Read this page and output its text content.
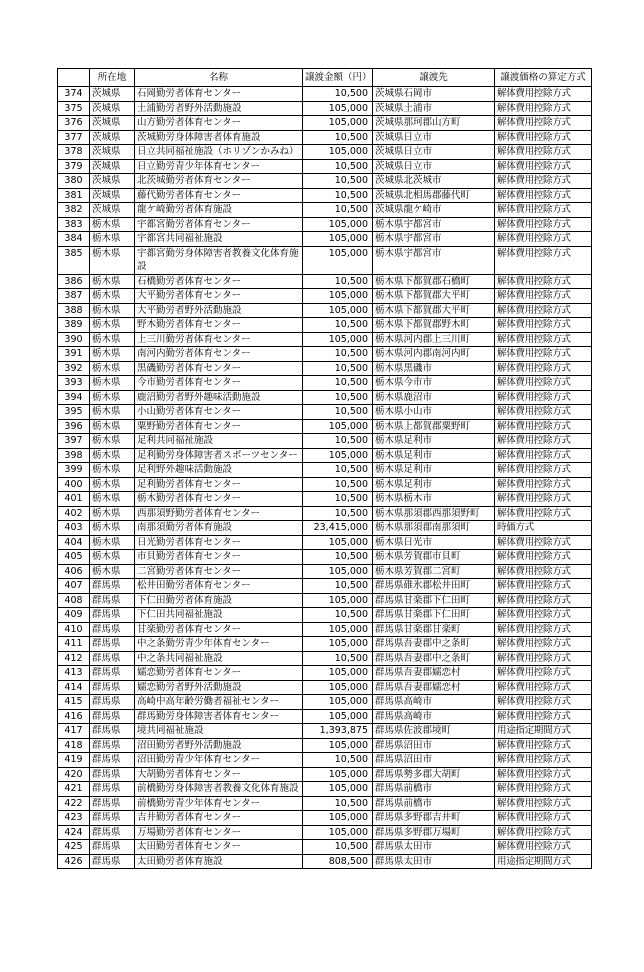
	所在地	名称	譲渡金額（円）	譲渡先	譲渡価格の算定方式
374	茨城県	石岡勤労者体育センター	10,500	茨城県石岡市	解体費用控除方式
375	茨城県	土浦勤労者野外活動施設	105,000	茨城県土浦市	解体費用控除方式
376	茨城県	山方勤労者体育センター	105,000	茨城県那珂郡山方町	解体費用控除方式
377	茨城県	茨城勤労身体障害者体育施設	10,500	茨城県日立市	解体費用控除方式
378	茨城県	日立共同福祉施設（ホリゾンかみね）	105,000	茨城県日立市	解体費用控除方式
379	茨城県	日立勤労青少年体育センター	10,500	茨城県日立市	解体費用控除方式
380	茨城県	北茨城勤労者体育センター	10,500	茨城県北茨城市	解体費用控除方式
381	茨城県	藤代勤労者体育センター	10,500	茨城県北相馬郡藤代町	解体費用控除方式
382	茨城県	龍ケ崎勤労者体育施設	10,500	茨城県龍ケ崎市	解体費用控除方式
383	栃木県	宇都宮勤労者体育センター	105,000	栃木県宇都宮市	解体費用控除方式
384	栃木県	宇都宮共同福祉施設	105,000	栃木県宇都宮市	解体費用控除方式
385	栃木県	宇都宮勤労身体障害者教養文化体育施設	105,000	栃木県宇都宮市	解体費用控除方式
386	栃木県	石橋勤労者体育センター	10,500	栃木県下都賀郡石橋町	解体費用控除方式
387	栃木県	大平勤労者体育センター	105,000	栃木県下都賀郡大平町	解体費用控除方式
388	栃木県	大平勤労者野外活動施設	105,000	栃木県下都賀郡大平町	解体費用控除方式
389	栃木県	野木勤労者体育センター	10,500	栃木県下都賀郡野木町	解体費用控除方式
390	栃木県	上三川勤労者体育センター	105,000	栃木県河内郡上三川町	解体費用控除方式
391	栃木県	南河内勤労者体育センター	10,500	栃木県河内郡南河内町	解体費用控除方式
392	栃木県	黒磯勤労者体育センター	10,500	栃木県黒磯市	解体費用控除方式
393	栃木県	今市勤労者体育センター	10,500	栃木県今市市	解体費用控除方式
394	栃木県	鹿沼勤労者野外趣味活動施設	10,500	栃木県鹿沼市	解体費用控除方式
395	栃木県	小山勤労者体育センター	10,500	栃木県小山市	解体費用控除方式
396	栃木県	粟野勤労者体育センター	105,000	栃木県上都賀郡粟野町	解体費用控除方式
397	栃木県	足利共同福祉施設	10,500	栃木県足利市	解体費用控除方式
398	栃木県	足利勤労身体障害者スポーツセンター	105,000	栃木県足利市	解体費用控除方式
399	栃木県	足利野外趣味活動施設	10,500	栃木県足利市	解体費用控除方式
400	栃木県	足利勤労者体育センター	10,500	栃木県足利市	解体費用控除方式
401	栃木県	栃木勤労者体育センター	10,500	栃木県栃木市	解体費用控除方式
402	栃木県	西那須野勤労者体育センター	10,500	栃木県那須郡西那須野町	解体費用控除方式
403	栃木県	南那須勤労者体育施設	23,415,000	栃木県那須郡南那須町	時価方式
404	栃木県	日光勤労者体育センター	105,000	栃木県日光市	解体費用控除方式
405	栃木県	市貝勤労者体育センター	10,500	栃木県芳賀郡市貝町	解体費用控除方式
406	栃木県	二宮勤労者体育センター	105,000	栃木県芳賀郡二宮町	解体費用控除方式
407	群馬県	松井田勤労者体育センター	10,500	群馬県碓氷郡松井田町	解体費用控除方式
408	群馬県	下仁田勤労者体育施設	105,000	群馬県甘楽郡下仁田町	解体費用控除方式
409	群馬県	下仁田共同福祉施設	10,500	群馬県甘楽郡下仁田町	解体費用控除方式
410	群馬県	甘楽勤労者体育センター	105,000	群馬県甘楽郡甘楽町	解体費用控除方式
411	群馬県	中之条勤労青少年体育センター	105,000	群馬県吾妻郡中之条町	解体費用控除方式
412	群馬県	中之条共同福祉施設	10,500	群馬県吾妻郡中之条町	解体費用控除方式
413	群馬県	嬬恋勤労者体育センター	105,000	群馬県吾妻郡嬬恋村	解体費用控除方式
414	群馬県	嬬恋勤労者野外活動施設	105,000	群馬県吾妻郡嬬恋村	解体費用控除方式
415	群馬県	高崎中高年齢労働者福祉センター	105,000	群馬県高崎市	解体費用控除方式
416	群馬県	群馬勤労身体障害者体育センター	105,000	群馬県高崎市	解体費用控除方式
417	群馬県	境共同福祉施設	1,393,875	群馬県佐波郡境町	用途指定期間方式
418	群馬県	沼田勤労者野外活動施設	105,000	群馬県沼田市	解体費用控除方式
419	群馬県	沼田勤労青少年体育センター	10,500	群馬県沼田市	解体費用控除方式
420	群馬県	大胡勤労者体育センター	105,000	群馬県勢多郡大胡町	解体費用控除方式
421	群馬県	前橋勤労身体障害者教養文化体育施設	105,000	群馬県前橋市	解体費用控除方式
422	群馬県	前橋勤労青少年体育センター	10,500	群馬県前橋市	解体費用控除方式
423	群馬県	吉井勤労者体育センター	105,000	群馬県多野郡吉井町	解体費用控除方式
424	群馬県	万場勤労者体育センター	105,000	群馬県多野郡万場町	解体費用控除方式
425	群馬県	太田勤労者体育センター	10,500	群馬県太田市	解体費用控除方式
426	群馬県	太田勤労者体育施設	808,500	群馬県太田市	用途指定期間方式
